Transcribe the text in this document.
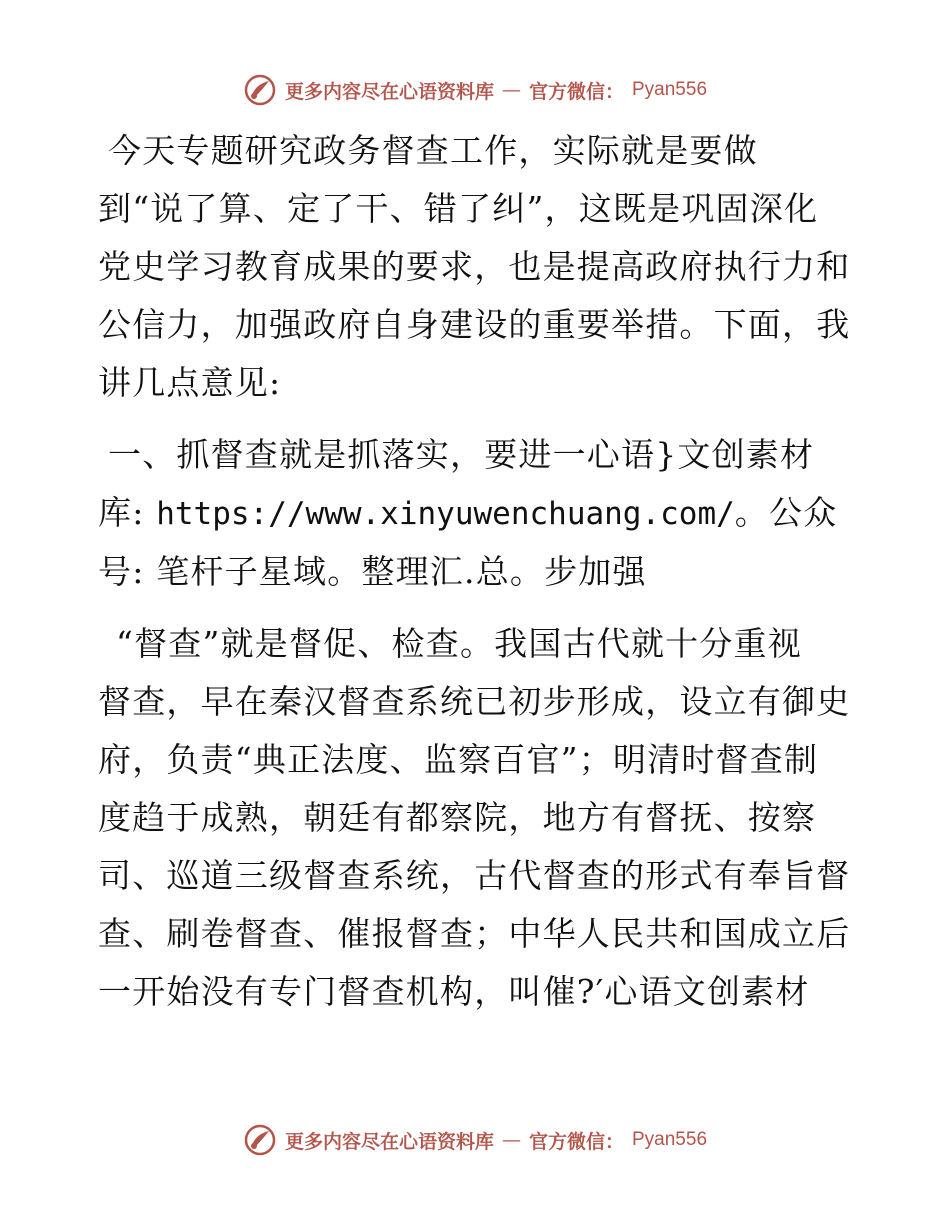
更多内容尽在心语资料库 — 官方微信： Pyan556

今天专题研究政务督查工作，实际就是要做
到“说了算、定了干、错了纠”，这既是巩固深化
党史学习教育成果的要求，也是提高政府执行力和
公信力，加强政府自身建设的重要举措。下面，我
讲几点意见:

一、抓督查就是抓落实，要进一心语}文创素材
库: https://www.xinyuwenchuang.com/。公众
号: 笔杆子星域。整理汇.总。步加强

“督查”就是督促、检查。我国古代就十分重视
督查，早在秦汉督查系统已初步形成，设立有御史
府，负责“典正法度、监察百官”；明清时督查制
度趋于成熟，朝廷有都察院，地方有督抚、按察
司、巡道三级督查系统，古代督查的形式有奉旨督
查、刷卷督查、催报督查；中华人民共和国成立后
一开始没有专门督查机构，叫催?′心语文创素材

更多内容尽在心语资料库 — 官方微信： Pyan556
